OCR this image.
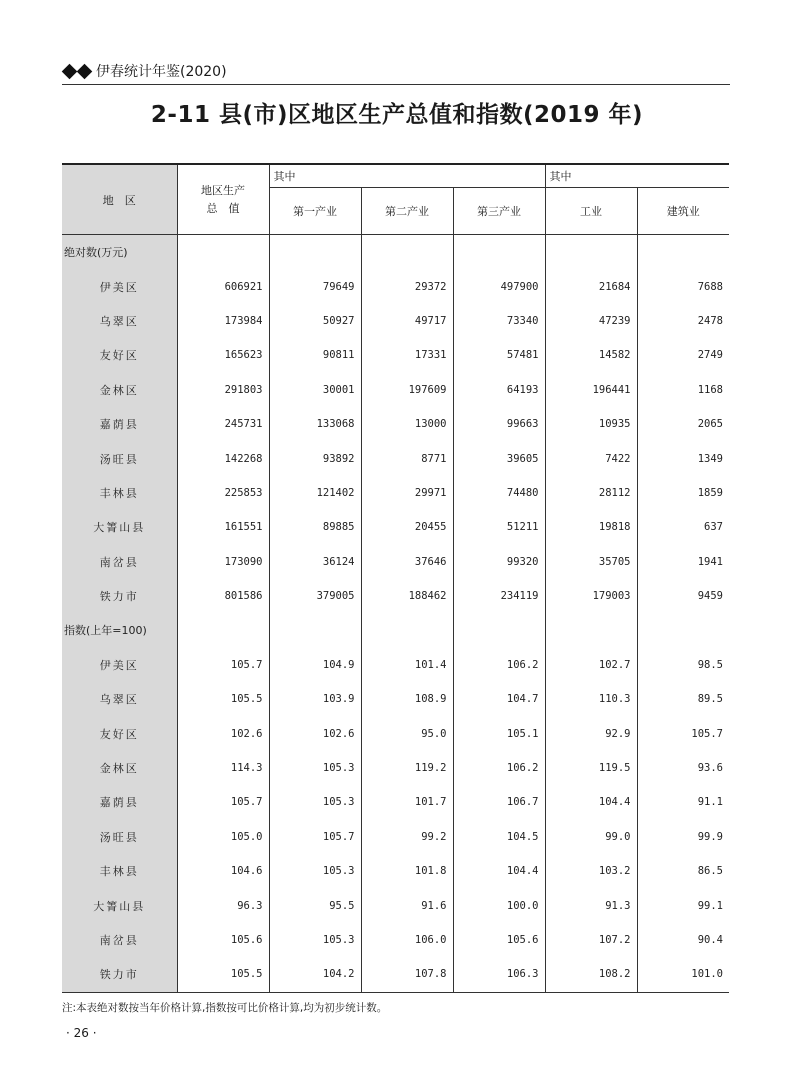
伊春统计年鉴(2020)
2-11 县(市)区地区生产总值和指数(2019 年)
地　区	地区生产
总　值	其中			其中	
		第一产业	第二产业	第三产业	工业	建筑业
绝对数(万元)						
伊美区	606921	79649	29372	497900	21684	7688
乌翠区	173984	50927	49717	73340	47239	2478
友好区	165623	90811	17331	57481	14582	2749
金林区	291803	30001	197609	64193	196441	1168
嘉荫县	245731	133068	13000	99663	10935	2065
汤旺县	142268	93892	8771	39605	7422	1349
丰林县	225853	121402	29971	74480	28112	1859
大箐山县	161551	89885	20455	51211	19818	637
南岔县	173090	36124	37646	99320	35705	1941
铁力市	801586	379005	188462	234119	179003	9459
指数(上年=100)						
伊美区	105.7	104.9	101.4	106.2	102.7	98.5
乌翠区	105.5	103.9	108.9	104.7	110.3	89.5
友好区	102.6	102.6	95.0	105.1	92.9	105.7
金林区	114.3	105.3	119.2	106.2	119.5	93.6
嘉荫县	105.7	105.3	101.7	106.7	104.4	91.1
汤旺县	105.0	105.7	99.2	104.5	99.0	99.9
丰林县	104.6	105.3	101.8	104.4	103.2	86.5
大箐山县	96.3	95.5	91.6	100.0	91.3	99.1
南岔县	105.6	105.3	106.0	105.6	107.2	90.4
铁力市	105.5	104.2	107.8	106.3	108.2	101.0
注:本表绝对数按当年价格计算,指数按可比价格计算,均为初步统计数。
· 26 ·
